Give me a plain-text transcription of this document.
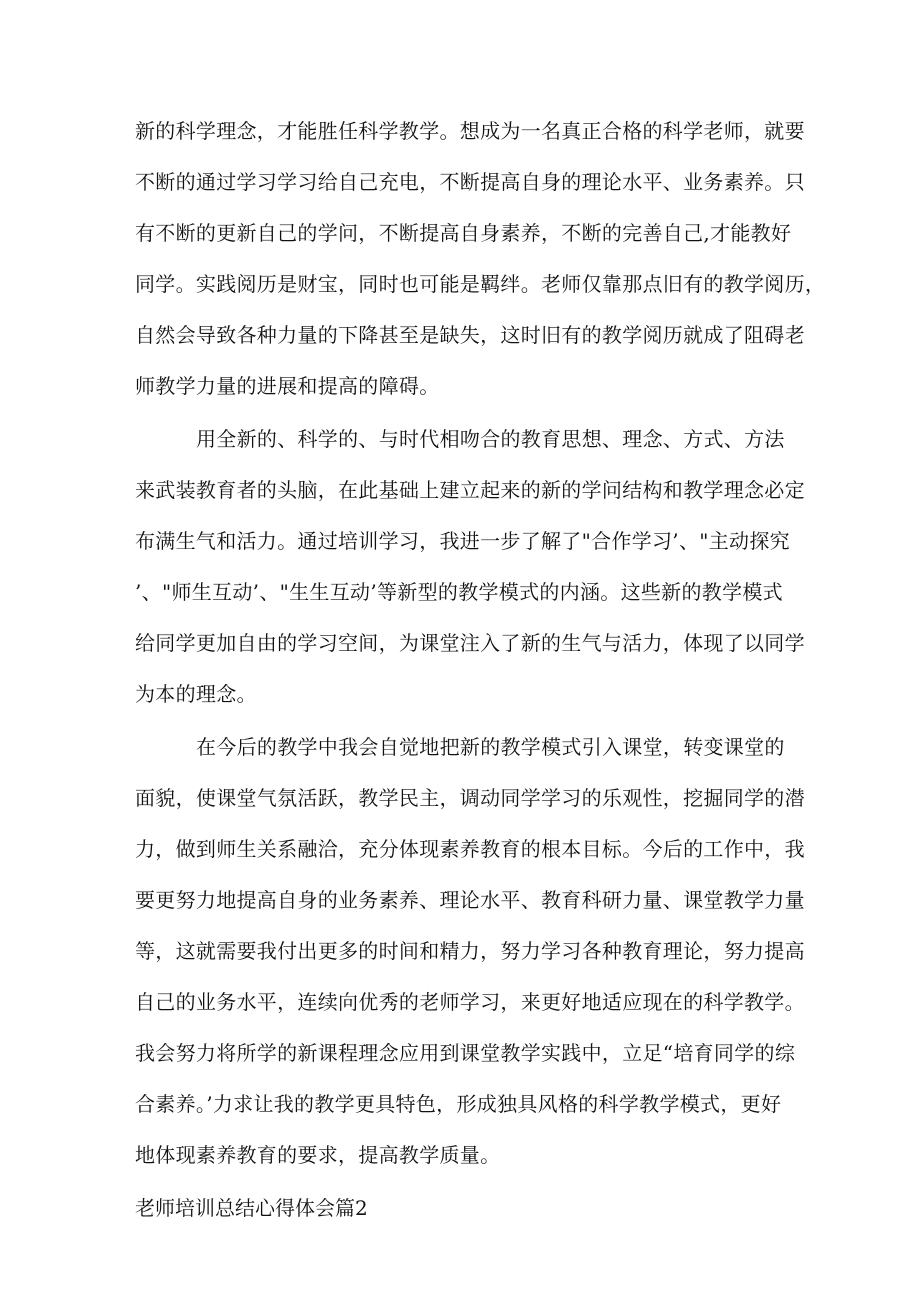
新的科学理念，才能胜任科学教学。想成为一名真正合格的科学老师，就要
不断的通过学习学习给自己充电，不断提高自身的理论水平、业务素养。只
有不断的更新自己的学问，不断提高自身素养，不断的完善自己,才能教好
同学。实践阅历是财宝，同时也可能是羁绊。老师仅靠那点旧有的教学阅历，
自然会导致各种力量的下降甚至是缺失，这时旧有的教学阅历就成了阻碍老
师教学力量的进展和提高的障碍。
用全新的、科学的、与时代相吻合的教育思想、理念、方式、方法
来武装教育者的头脑，在此基础上建立起来的新的学问结构和教学理念必定
布满生气和活力。通过培训学习，我进一步了解了"合作学习’、"主动探究
’、"师生互动’、"生生互动’等新型的教学模式的内涵。这些新的教学模式
给同学更加自由的学习空间，为课堂注入了新的生气与活力，体现了以同学
为本的理念。
在今后的教学中我会自觉地把新的教学模式引入课堂，转变课堂的
面貌，使课堂气氛活跃，教学民主，调动同学学习的乐观性，挖掘同学的潜
力，做到师生关系融洽，充分体现素养教育的根本目标。今后的工作中，我
要更努力地提高自身的业务素养、理论水平、教育科研力量、课堂教学力量
等，这就需要我付出更多的时间和精力，努力学习各种教育理论，努力提高
自己的业务水平，连续向优秀的老师学习，来更好地适应现在的科学教学。
我会努力将所学的新课程理念应用到课堂教学实践中，立足“培育同学的综
合素养。’力求让我的教学更具特色，形成独具风格的科学教学模式，更好
地体现素养教育的要求，提高教学质量。
老师培训总结心得体会篇2
